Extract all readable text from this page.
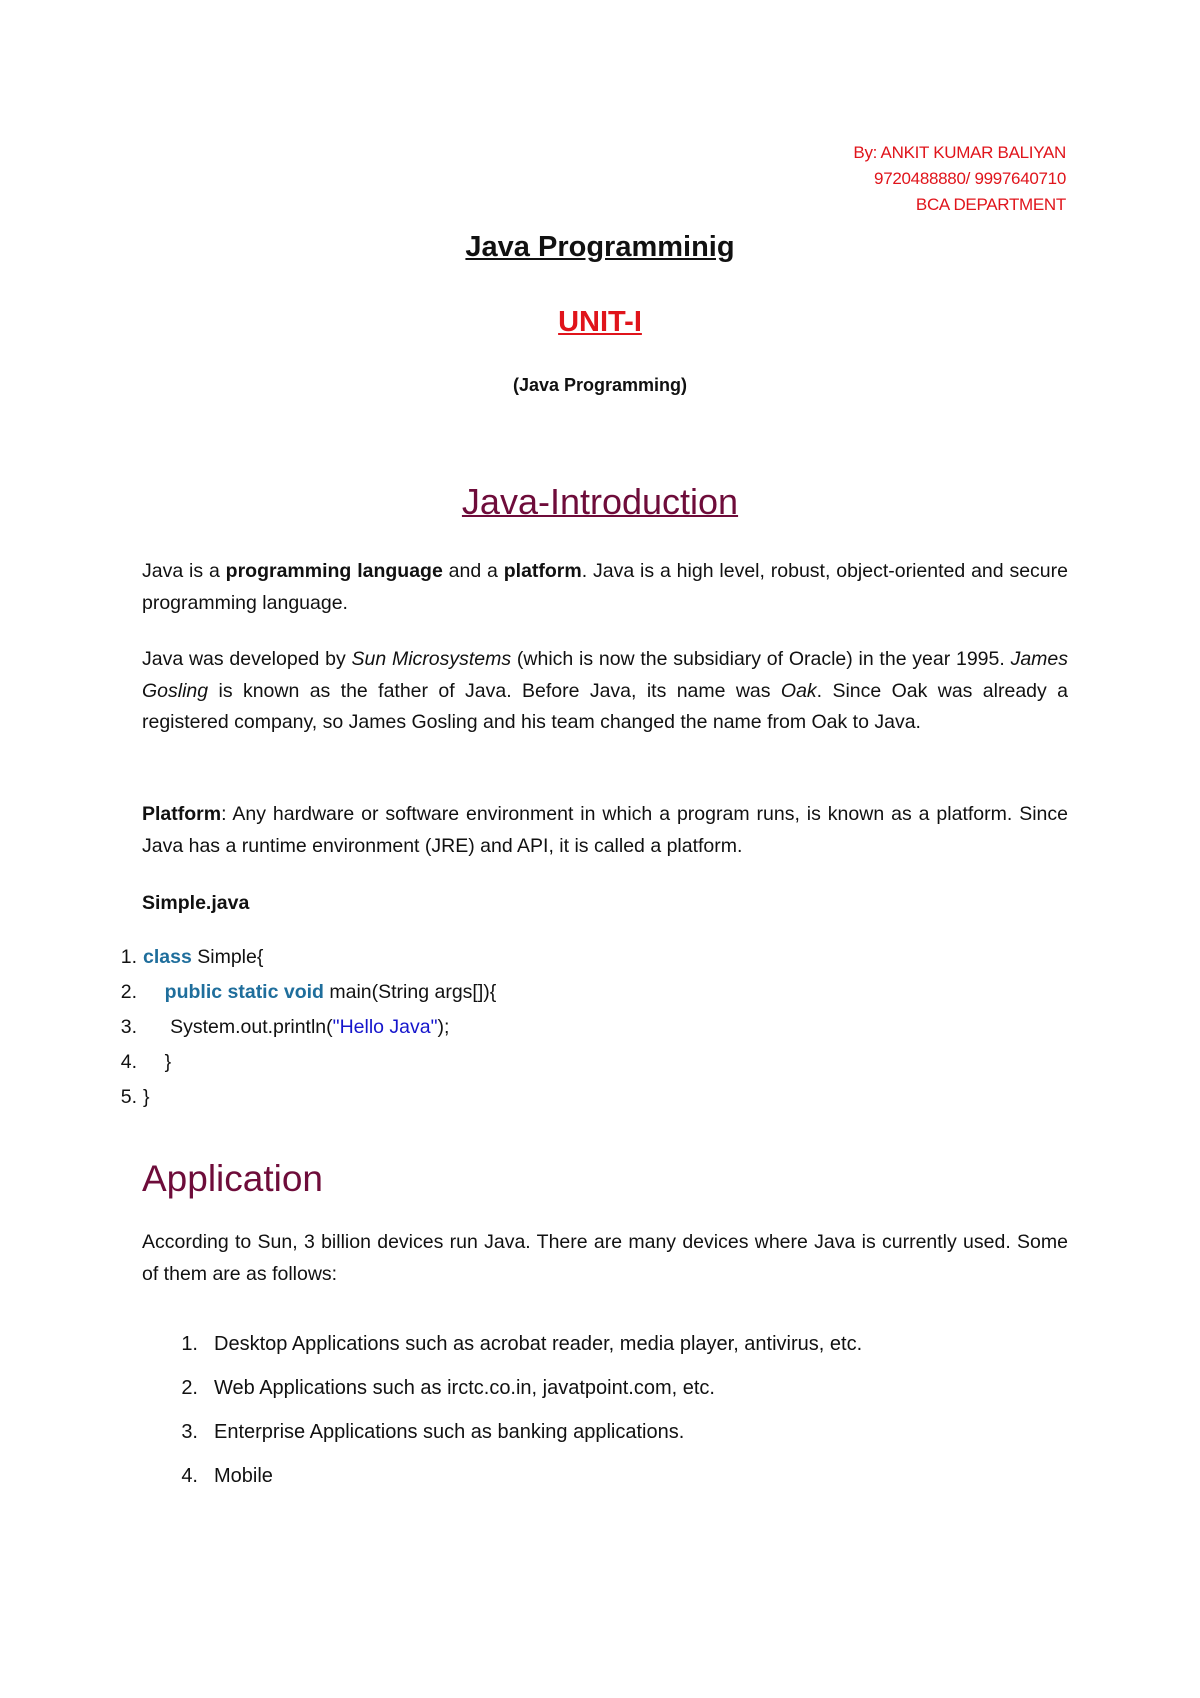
By: ANKIT KUMAR BALIYAN
9720488880/ 9997640710
BCA DEPARTMENT
Java Programminig
UNIT-I
(Java Programming)
Java-Introduction
Java is a programming language and a platform. Java is a high level, robust, object-oriented and secure programming language.
Java was developed by Sun Microsystems (which is now the subsidiary of Oracle) in the year 1995. James Gosling is known as the father of Java. Before Java, its name was Oak. Since Oak was already a registered company, so James Gosling and his team changed the name from Oak to Java.
Platform: Any hardware or software environment in which a program runs, is known as a platform. Since Java has a runtime environment (JRE) and API, it is called a platform.
Simple.java
1. class Simple{
2.	public static void main(String args[]){
3. System.out.println("Hello Java");
4. }
5. }
Application
According to Sun, 3 billion devices run Java. There are many devices where Java is currently used. Some of them are as follows:
1. Desktop Applications such as acrobat reader, media player, antivirus, etc.
2. Web Applications such as irctc.co.in, javatpoint.com, etc.
3. Enterprise Applications such as banking applications.
4. Mobile
